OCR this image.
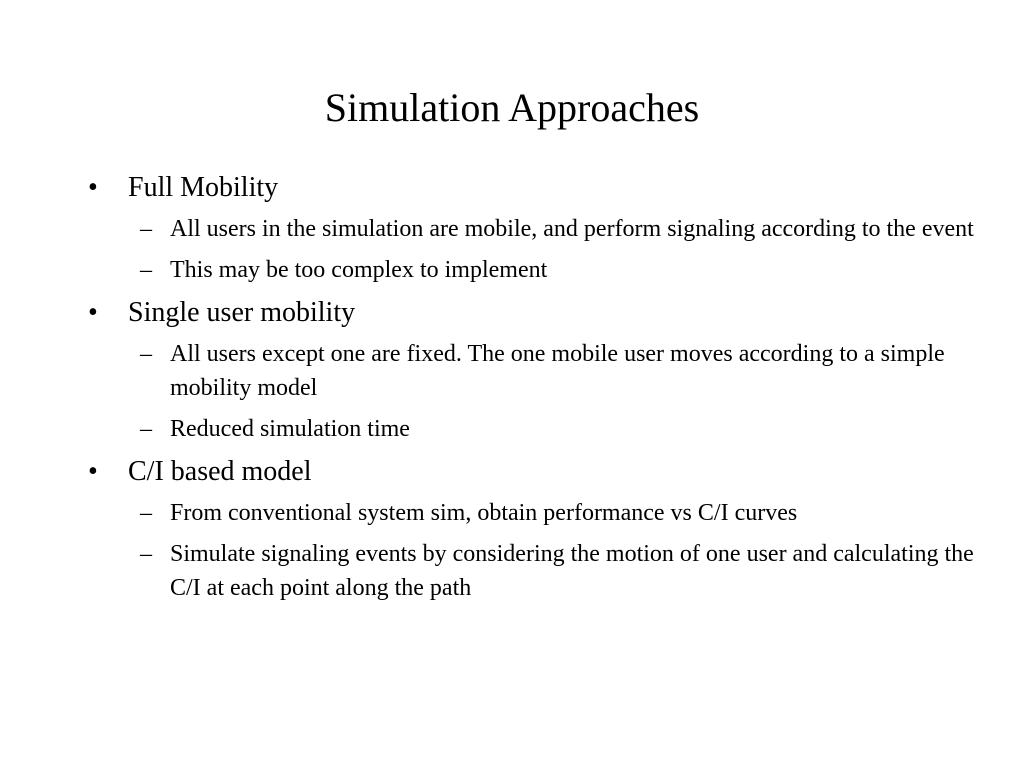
Simulation Approaches
•	Full Mobility
– All users in the simulation are mobile, and perform signaling according to the event
– This may be too complex to implement
•	Single user mobility
– All users except one are fixed. The one mobile user moves according to a simple mobility model
– Reduced simulation time
•	C/I based model
– From conventional system sim, obtain performance vs C/I curves
– Simulate signaling events by considering the motion of one user and calculating the C/I at each point along the path
